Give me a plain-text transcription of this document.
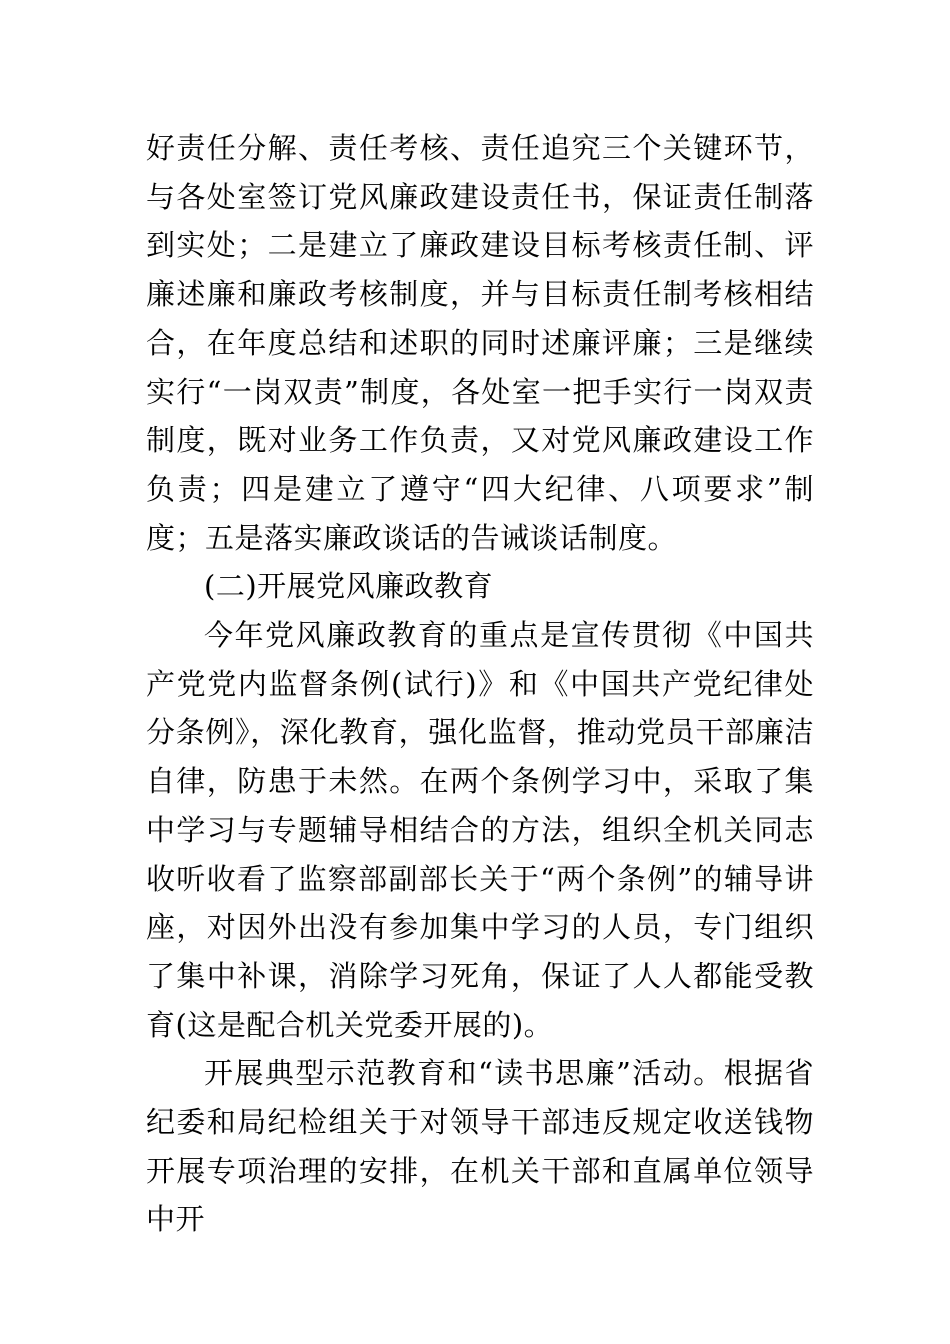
好责任分解、责任考核、责任追究三个关键环节，与各处室签订党风廉政建设责任书，保证责任制落到实处；二是建立了廉政建设目标考核责任制、评廉述廉和廉政考核制度，并与目标责任制考核相结合，在年度总结和述职的同时述廉评廉；三是继续实行“一岗双责”制度，各处室一把手实行一岗双责制度，既对业务工作负责，又对党风廉政建设工作负责；四是建立了遵守“四大纪律、八项要求”制度；五是落实廉政谈话的告诫谈话制度。

(二)开展党风廉政教育

今年党风廉政教育的重点是宣传贯彻《中国共产党党内监督条例(试行)》和《中国共产党纪律处分条例》，深化教育，强化监督，推动党员干部廉洁自律，防患于未然。在两个条例学习中，采取了集中学习与专题辅导相结合的方法，组织全机关同志收听收看了监察部副部长关于“两个条例”的辅导讲座，对因外出没有参加集中学习的人员，专门组织了集中补课，消除学习死角，保证了人人都能受教育(这是配合机关党委开展的)。

开展典型示范教育和“读书思廉”活动。根据省纪委和局纪检组关于对领导干部违反规定收送钱物开展专项治理的安排，在机关干部和直属单位领导中开
